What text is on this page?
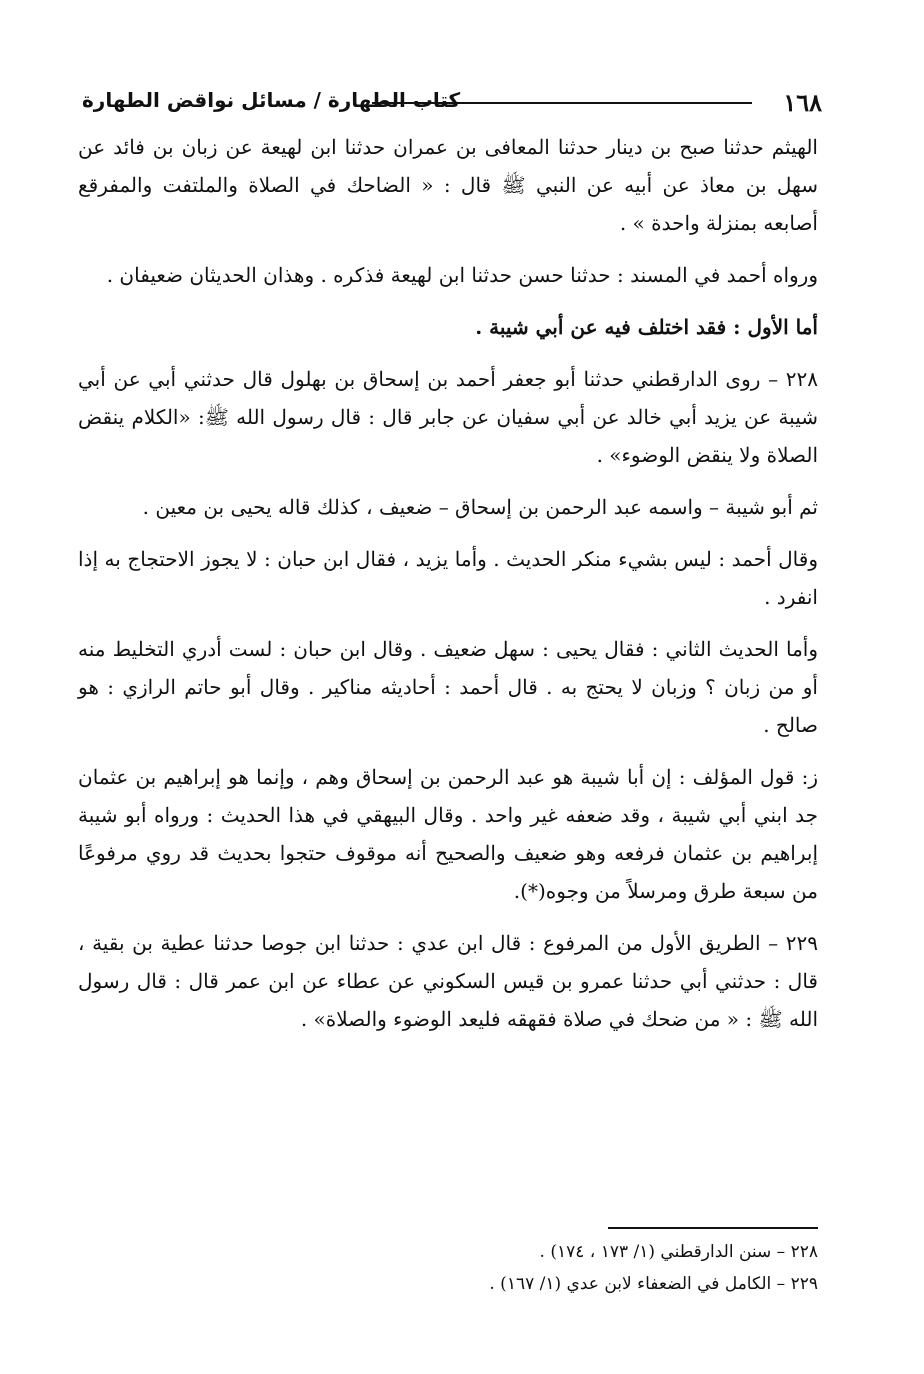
١٦٨
كتاب الطهارة / مسائل نواقض الطهارة

الهيثم حدثنا صبح بن دينار حدثنا المعافى بن عمران حدثنا ابن لهيعة عن زبان بن فائد عن سهل بن معاذ عن أبيه عن النبي ﷺ قال : « الضاحك في الصلاة والملتفت والمفرقع أصابعه بمنزلة واحدة » .

ورواه أحمد في المسند : حدثنا حسن حدثنا ابن لهيعة فذكره . وهذان الحديثان ضعيفان .

أما الأول : فقد اختلف فيه عن أبي شيبة .

٢٢٨ – روى الدارقطني حدثنا أبو جعفر أحمد بن إسحاق بن بهلول قال حدثني أبي عن أبي شيبة عن يزيد أبي خالد عن أبي سفيان عن جابر قال : قال رسول الله ﷺ: «الكلام ينقض الصلاة ولا ينقض الوضوء» .

ثم أبو شيبة – واسمه عبد الرحمن بن إسحاق – ضعيف ، كذلك قاله يحيى بن معين .

وقال أحمد : ليس بشيء منكر الحديث . وأما يزيد ، فقال ابن حبان : لا يجوز الاحتجاج به إذا انفرد .

وأما الحديث الثاني : فقال يحيى : سهل ضعيف . وقال ابن حبان : لست أدري التخليط منه أو من زبان ؟ وزبان لا يحتج به . قال أحمد : أحاديثه مناكير . وقال أبو حاتم الرازي : هو صالح .

ز: قول المؤلف : إن أبا شيبة هو عبد الرحمن بن إسحاق وهم ، وإنما هو إبراهيم بن عثمان جد ابني أبي شيبة ، وقد ضعفه غير واحد . وقال البيهقي في هذا الحديث : ورواه أبو شيبة إبراهيم بن عثمان فرفعه وهو ضعيف والصحيح أنه موقوف حتجوا بحديث قد روي مرفوعًا من سبعة طرق ومرسلاً من وجوه(*).

٢٢٩ – الطريق الأول من المرفوع : قال ابن عدي : حدثنا ابن جوصا حدثنا عطية بن بقية ، قال : حدثني أبي حدثنا عمرو بن قيس السكوني عن عطاء عن ابن عمر قال : قال رسول الله ﷺ : « من ضحك في صلاة فقهقه فليعد الوضوء والصلاة» .

٢٢٨ – سنن الدارقطني (١/ ١٧٣ ، ١٧٤) .

٢٢٩ – الكامل في الضعفاء لابن عدي (١/ ١٦٧) .
